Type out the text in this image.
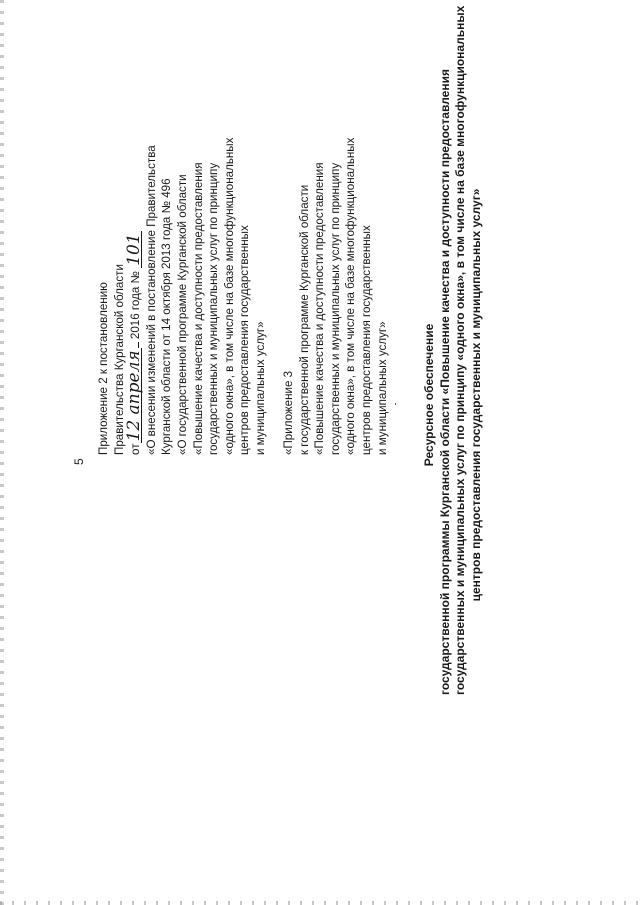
5
Приложение 2 к постановлению Правительства Курганской области от12 апреля 2016 года № 101 «О внесении изменений в постановление Правительства Курганской области от 14 октября 2013 года № 496 «О государственной программе Курганской области «Повышение качества и доступности предоставления государственных и муниципальных услуг по принципу «одного окна», в том числе на базе многофункциональных центров предоставления государственных и муниципальных услуг» «Приложение 3 к государственной программе Курганской области «Повышение качества и доступности предоставления государственных и муниципальных услуг по принципу «одного окна», в том числе на базе многофункциональных центров предоставления государственных и муниципальных услуг»	Ресурсное обеспечение государственной программы Курганской области «Повышение качества и доступности предоставления государственных и муниципальных услуг по принципу «одного окна», в том числе на базе многофункциональных центров предоставления государственных и муниципальных услуг»
